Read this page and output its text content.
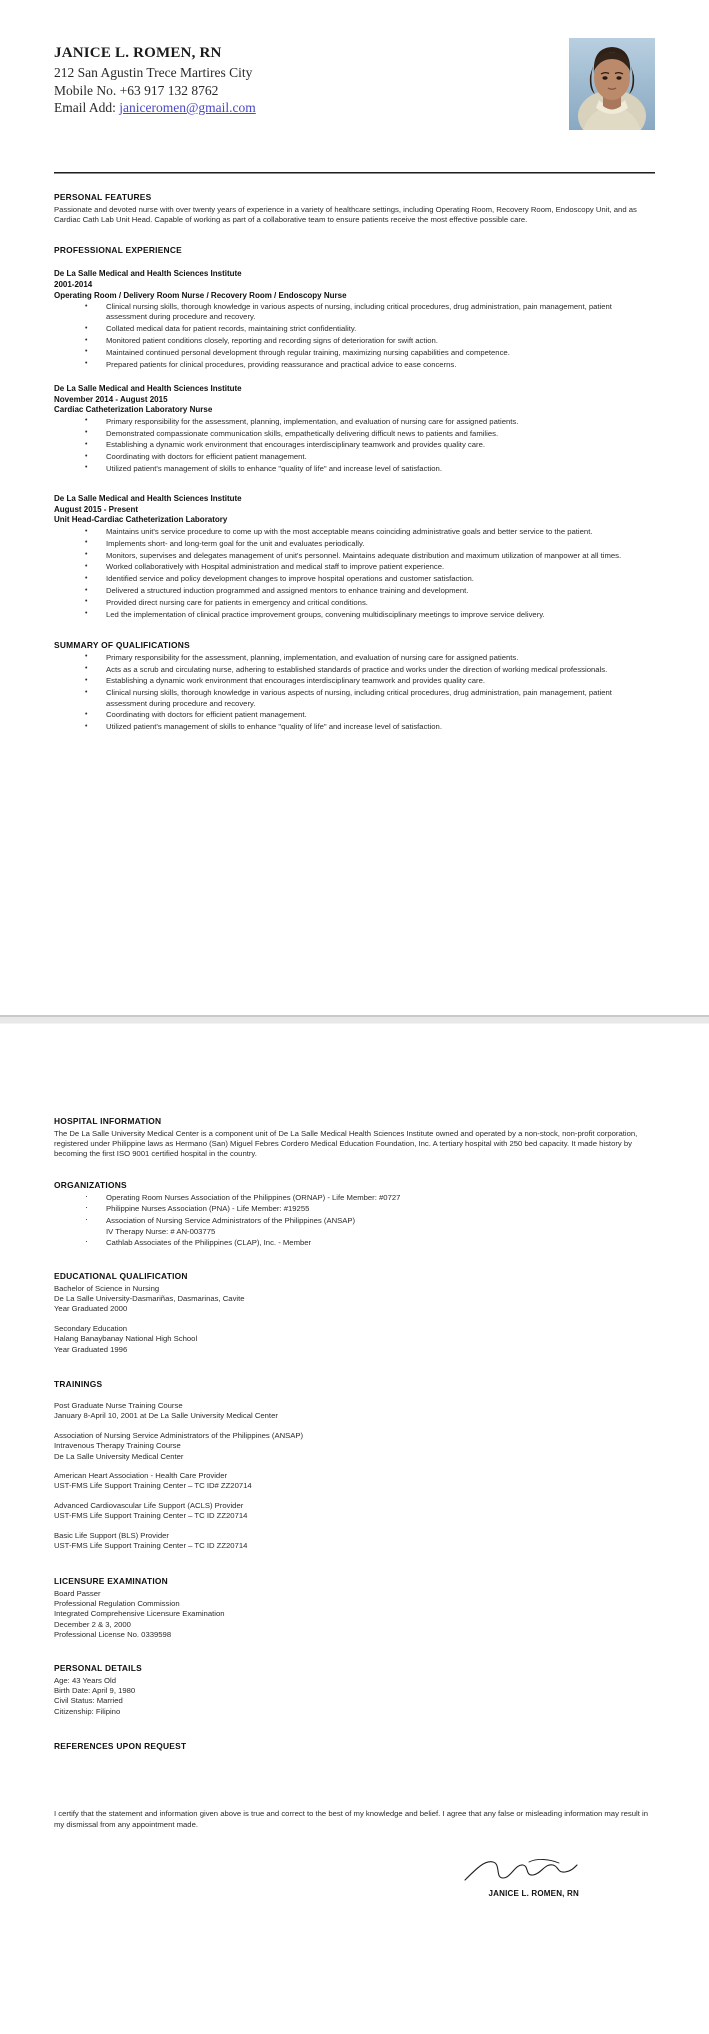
JANICE L. ROMEN, RN
212 San Agustin Trece Martires City
Mobile No. +63 917 132 8762
Email Add: janiceromen@gmail.com
PERSONAL FEATURES

Passionate and devoted nurse with over twenty years of experience in a variety of healthcare settings, including Operating Room, Recovery Room, Endoscopy Unit, and as Cardiac Cath Lab Unit Head. Capable of working as part of a collaborative team to ensure patients receive the most effective possible care.

PROFESSIONAL EXPERIENCE
De La Salle Medical and Health Sciences Institute
2001-2014
Operating Room / Delivery Room Nurse / Recovery Room / Endoscopy Nurse
• Clinical nursing skills, thorough knowledge in various aspects of nursing, including critical procedures, drug administration, pain management, patient assessment during procedure and recovery.
• Collated medical data for patient records, maintaining strict confidentiality.
• Monitored patient conditions closely, reporting and recording signs of deterioration for swift action.
• Maintained continued personal development through regular training, maximizing nursing capabilities and competence.
• Prepared patients for clinical procedures, providing reassurance and practical advice to ease concerns.
De La Salle Medical and Health Sciences Institute
November 2014 - August 2015
Cardiac Catheterization Laboratory Nurse
• Primary responsibility for the assessment, planning, implementation, and evaluation of nursing care for assigned patients.
• Demonstrated compassionate communication skills, empathetically delivering difficult news to patients and families.
• Establishing a dynamic work environment that encourages interdisciplinary teamwork and provides quality care.
• Coordinating with doctors for efficient patient management.
• Utilized patient's management of skills to enhance "quality of life" and increase level of satisfaction.
De La Salle Medical and Health Sciences Institute
August 2015 - Present
Unit Head-Cardiac Catheterization Laboratory
• Maintains unit's service procedure to come up with the most acceptable means coinciding administrative goals and better service to the patient.
• Implements short- and long-term goal for the unit and evaluates periodically.
• Monitors, supervises and delegates management of unit's personnel. Maintains adequate distribution and maximum utilization of manpower at all times.
• Worked collaboratively with Hospital administration and medical staff to improve patient experience.
• Identified service and policy development changes to improve hospital operations and customer satisfaction.
• Delivered a structured induction programmed and assigned mentors to enhance training and development.
• Provided direct nursing care for patients in emergency and critical conditions.
• Led the implementation of clinical practice improvement groups, convening multidisciplinary meetings to improve service delivery.
SUMMARY OF QUALIFICATIONS
• Primary responsibility for the assessment, planning, implementation, and evaluation of nursing care for assigned patients.
• Acts as a scrub and circulating nurse, adhering to established standards of practice and works under the direction of working medical professionals.
• Establishing a dynamic work environment that encourages interdisciplinary teamwork and provides quality care.
• Clinical nursing skills, thorough knowledge in various aspects of nursing, including critical procedures, drug administration, pain management, patient assessment during procedure and recovery.
• Coordinating with doctors for efficient patient management.
• Utilized patient's management of skills to enhance "quality of life" and increase level of satisfaction.
HOSPITAL INFORMATION

The De La Salle University Medical Center is a component unit of De La Salle Medical Health Sciences Institute owned and operated by a non-stock, non-profit corporation, registered under Philippine laws as Hermano (San) Miguel Febres Cordero Medical Education Foundation, Inc. A tertiary hospital with 250 bed capacity. It made history by becoming the first ISO 9001 certified hospital in the country.

ORGANIZATIONS
· Operating Room Nurses Association of the Philippines (ORNAP) - Life Member: #0727
· Philippine Nurses Association (PNA) - Life Member: #19255
· Association of Nursing Service Administrators of the Philippines (ANSAP)
IV Therapy Nurse: # AN-003775
· Cathlab Associates of the Philippines (CLAP), Inc. - Member
EDUCATIONAL QUALIFICATION
Bachelor of Science in Nursing
De La Salle University-Dasmariñas, Dasmarinas, Cavite
Year Graduated 2000
Secondary Education
Halang Banaybanay National High School
Year Graduated 1996
TRAININGS
Post Graduate Nurse Training Course
January 8-April 10, 2001 at De La Salle University Medical Center
Association of Nursing Service Administrators of the Philippines (ANSAP)
Intravenous Therapy Training Course
De La Salle University Medical Center
American Heart Association - Health Care Provider
UST-FMS Life Support Training Center – TC ID# ZZ20714
Advanced Cardiovascular Life Support (ACLS) Provider
UST-FMS Life Support Training Center – TC ID ZZ20714
Basic Life Support (BLS) Provider
UST-FMS Life Support Training Center – TC ID ZZ20714
LICENSURE EXAMINATION
Board Passer
Professional Regulation Commission
Integrated Comprehensive Licensure Examination
December 2 & 3, 2000
Professional License No. 0339598
PERSONAL DETAILS
Age: 43 Years Old
Birth Date: April 9, 1980
Civil Status: Married
Citizenship: Filipino
REFERENCES UPON REQUEST

I certify that the statement and information given above is true and correct to the best of my knowledge and belief. I agree that any false or misleading information may result in my dismissal from any appointment made.

JANICE L. ROMEN, RN
